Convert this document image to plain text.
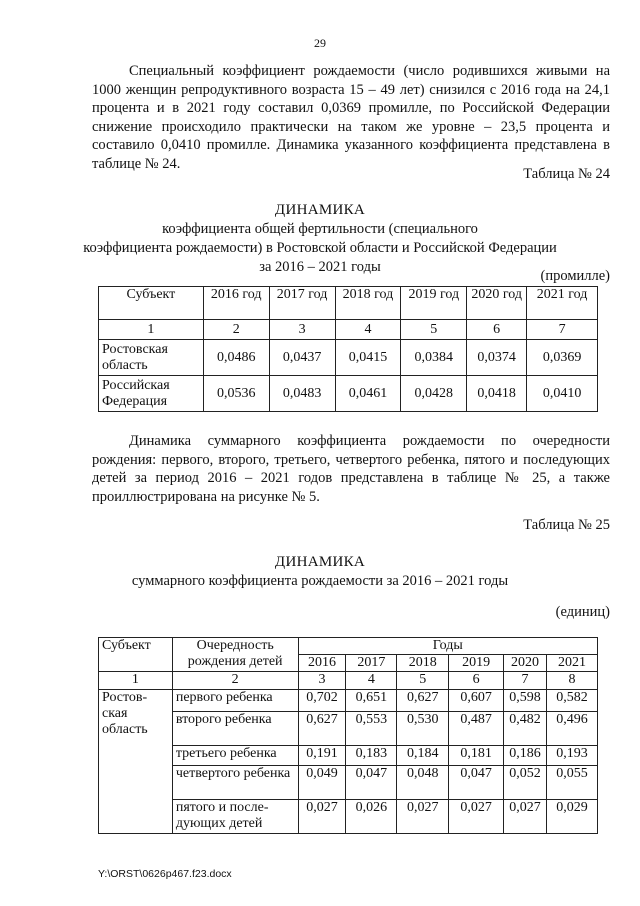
29

Специальный коэффициент рождаемости (число родившихся живыми на 1000 женщин репродуктивного возраста 15 – 49 лет) снизился с 2016 года на 24,1 процента и в 2021 году составил 0,0369 промилле, по Российской Федерации снижение происходило практически на таком же уровне – 23,5 процента и составило 0,0410 промилле. Динамика указанного коэффициента представлена в таблице № 24.

Таблица № 24
ДИНАМИКА
коэффициента общей фертильности (специального
коэффициента рождаемости) в Ростовской области и Российской Федерации
за 2016 – 2021 годы
(промилле)
Субъект	2016 год	2017 год	2018 год	2019 год	2020 год	2021 год
1	2	3	4	5	6	7
Ростовская область	0,0486	0,0437	0,0415	0,0384	0,0374	0,0369
Российская Федерация	0,0536	0,0483	0,0461	0,0428	0,0418	0,0410

Динамика суммарного коэффициента рождаемости по очередности рождения: первого, второго, третьего, четвертого ребенка, пятого и последующих детей за период 2016 – 2021 годов представлена в таблице № 25, а также проиллюстрирована на рисунке № 5.

Таблица № 25
ДИНАМИКА
суммарного коэффициента рождаемости за 2016 – 2021 годы
(единиц)
Субъект	Очередность рождения детей	Годы					
		2016	2017	2018	2019	2020	2021
1	2	3	4	5	6	7	8
Ростов-ская область	первого ребенка	0,702	0,651	0,627	0,607	0,598	0,582
	второго ребенка	0,627	0,553	0,530	0,487	0,482	0,496
	третьего ребенка	0,191	0,183	0,184	0,181	0,186	0,193
	четвертого ребенка	0,049	0,047	0,048	0,047	0,052	0,055
	пятого и после-дующих детей	0,027	0,026	0,027	0,027	0,027	0,029
Y:\ORST\0626p467.f23.docx
